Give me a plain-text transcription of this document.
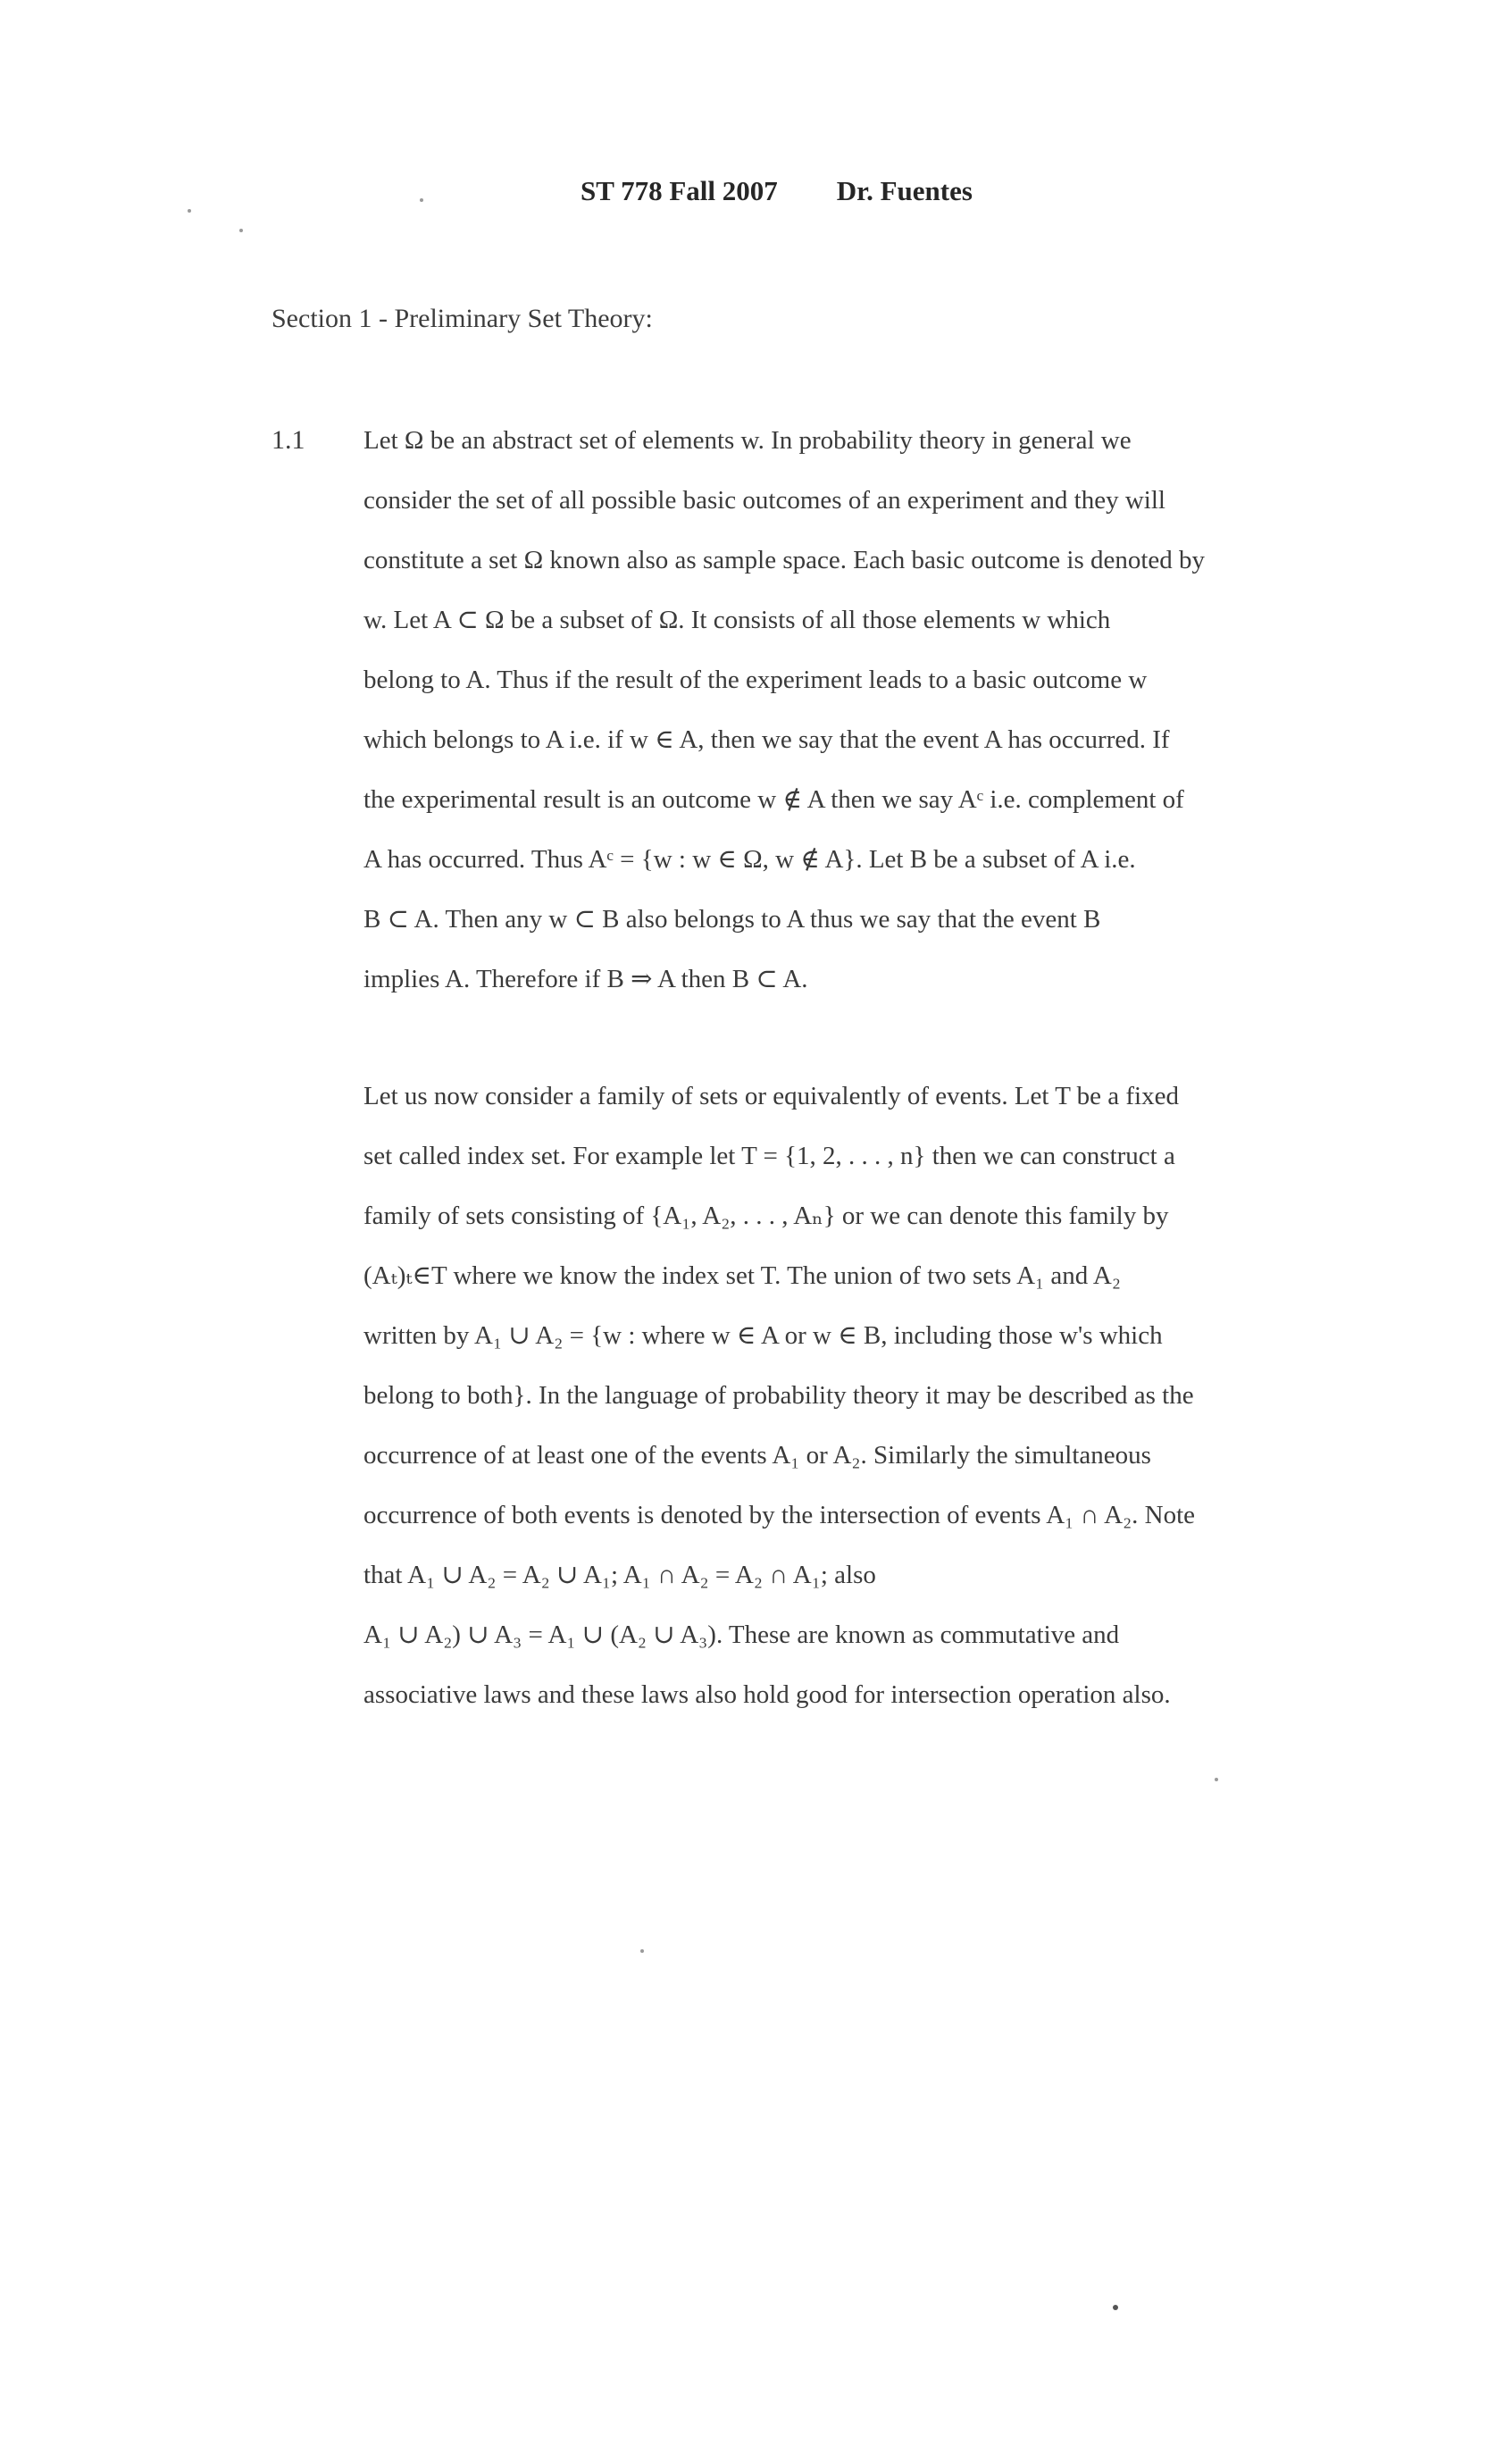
ST 778 Fall 2007 Dr. Fuentes
Section 1 - Preliminary Set Theory:
1.1 Let Ω be an abstract set of elements w. In probability theory in general we
consider the set of all possible basic outcomes of an experiment and they will
constitute a set Ω known also as sample space. Each basic outcome is denoted by
w. Let A ⊂ Ω be a subset of Ω. It consists of all those elements w which
belong to A. Thus if the result of the experiment leads to a basic outcome w
which belongs to A i.e. if w ∈ A, then we say that the event A has occurred. If
the experimental result is an outcome w ∉ A then we say Aᶜ i.e. complement of
A has occurred. Thus Aᶜ = {w : w ∈ Ω, w ∉ A}. Let B be a subset of A i.e.
B ⊂ A. Then any w ⊂ B also belongs to A thus we say that the event B
implies A. Therefore if B ⇒ A then B ⊂ A.
Let us now consider a family of sets or equivalently of events. Let T be a fixed
set called index set. For example let T = {1, 2, . . . , n} then we can construct a
family of sets consisting of {A₁, A₂, . . . , Aₙ} or we can denote this family by
(Aₜ)ₜ∈T where we know the index set T. The union of two sets A₁ and A₂
written by A₁ ∪ A₂ = {w : where w ∈ A or w ∈ B, including those w's which
belong to both}. In the language of probability theory it may be described as the
occurrence of at least one of the events A₁ or A₂. Similarly the simultaneous
occurrence of both events is denoted by the intersection of events A₁ ∩ A₂. Note
that A₁ ∪ A₂ = A₂ ∪ A₁; A₁ ∩ A₂ = A₂ ∩ A₁; also
A₁ ∪ A₂) ∪ A₃ = A₁ ∪ (A₂ ∪ A₃). These are known as commutative and
associative laws and these laws also hold good for intersection operation also.
